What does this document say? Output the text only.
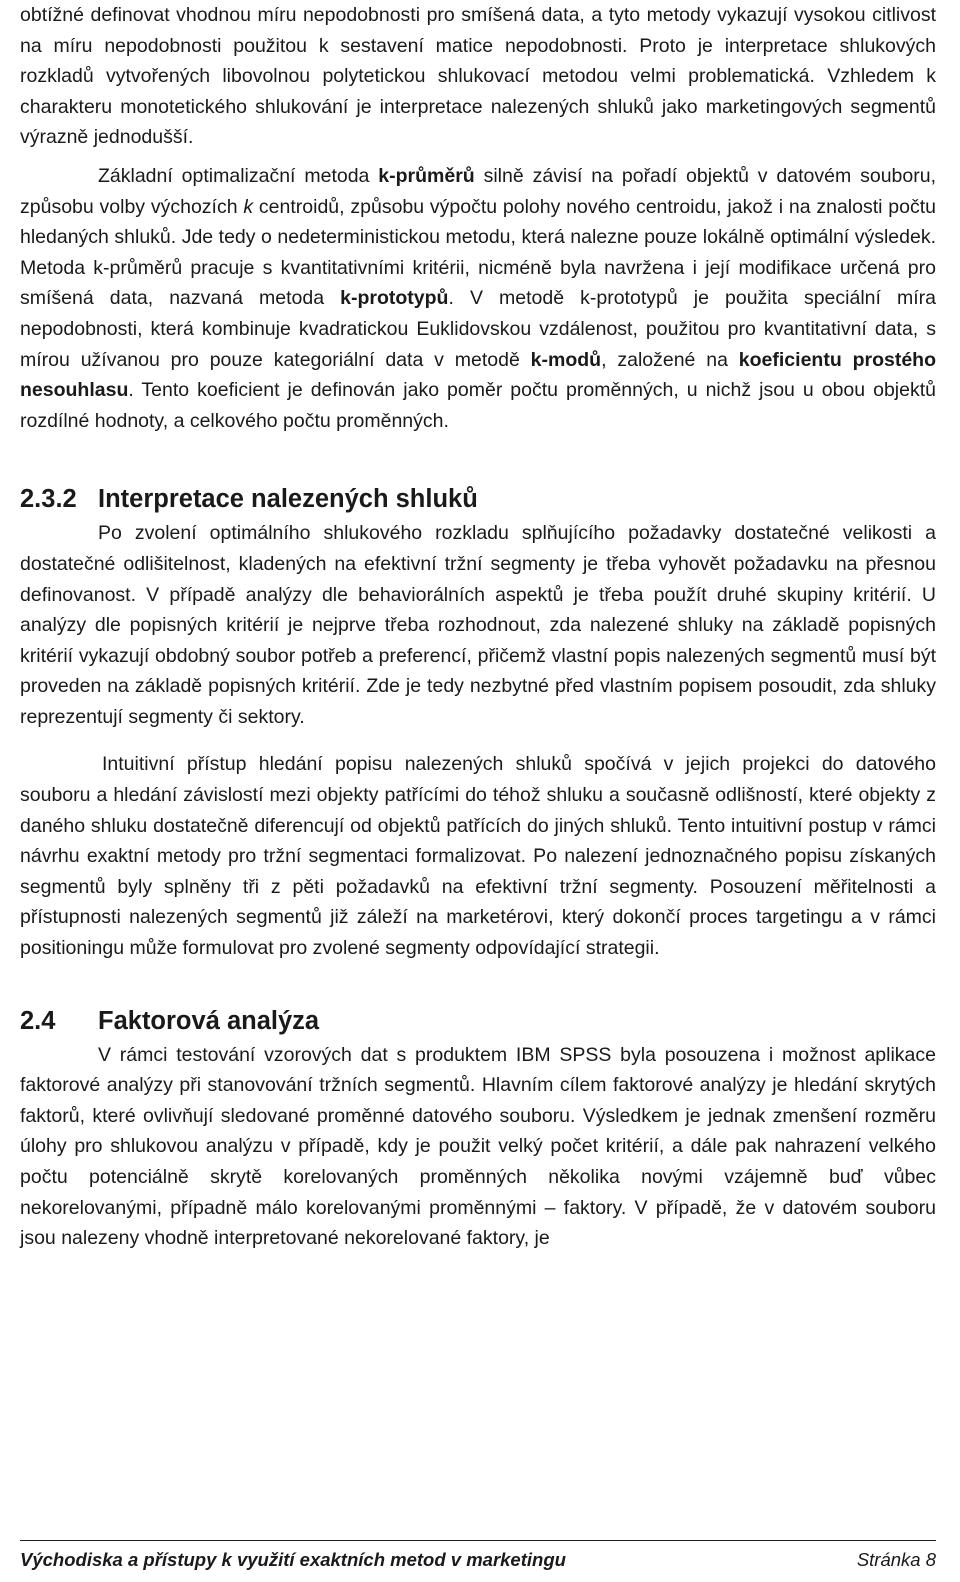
obtížné definovat vhodnou míru nepodobnosti pro smíšená data, a tyto metody vykazují vysokou citlivost na míru nepodobnosti použitou k sestavení matice nepodobnosti. Proto je interpretace shlukových rozkladů vytvořených libovolnou polytetickou shlukovací metodou velmi problematická. Vzhledem k charakteru monotetického shlukování je interpretace nalezených shluků jako marketingových segmentů výrazně jednodušší.

Základní optimalizační metoda k-průměrů silně závisí na pořadí objektů v datovém souboru, způsobu volby výchozích k centroidů, způsobu výpočtu polohy nového centroidu, jakož i na znalosti počtu hledaných shluků. Jde tedy o nedeterministickou metodu, která nalezne pouze lokálně optimální výsledek. Metoda k-průměrů pracuje s kvantitativními kritérii, nicméně byla navržena i její modifikace určená pro smíšená data, nazvaná metoda k-prototypů. V metodě k-prototypů je použita speciální míra nepodobnosti, která kombinuje kvadratickou Euklidovskou vzdálenost, použitou pro kvantitativní data, s mírou užívanou pro pouze kategoriální data v metodě k-modů, založené na koeficientu prostého nesouhlasu. Tento koeficient je definován jako poměr počtu proměnných, u nichž jsou u obou objektů rozdílné hodnoty, a celkového počtu proměnných.

2.3.2 Interpretace nalezených shluků

Po zvolení optimálního shlukového rozkladu splňujícího požadavky dostatečné velikosti a dostatečné odlišitelnost, kladených na efektivní tržní segmenty je třeba vyhovět požadavku na přesnou definovanost. V případě analýzy dle behaviorálních aspektů je třeba použít druhé skupiny kritérií. U analýzy dle popisných kritérií je nejprve třeba rozhodnout, zda nalezené shluky na základě popisných kritérií vykazují obdobný soubor potřeb a preferencí, přičemž vlastní popis nalezených segmentů musí být proveden na základě popisných kritérií. Zde je tedy nezbytné před vlastním popisem posoudit, zda shluky reprezentují segmenty či sektory.

Intuitivní přístup hledání popisu nalezených shluků spočívá v jejich projekci do datového souboru a hledání závislostí mezi objekty patřícími do téhož shluku a současně odlišností, které objekty z daného shluku dostatečně diferencují od objektů patřících do jiných shluků. Tento intuitivní postup v rámci návrhu exaktní metody pro tržní segmentaci formalizovat. Po nalezení jednoznačného popisu získaných segmentů byly splněny tři z pěti požadavků na efektivní tržní segmenty. Posouzení měřitelnosti a přístupnosti nalezených segmentů již záleží na marketérovi, který dokončí proces targetingu a v rámci positioningu může formulovat pro zvolené segmenty odpovídající strategii.

2.4 Faktorová analýza

V rámci testování vzorových dat s produktem IBM SPSS byla posouzena i možnost aplikace faktorové analýzy při stanovování tržních segmentů. Hlavním cílem faktorové analýzy je hledání skrytých faktorů, které ovlivňují sledované proměnné datového souboru. Výsledkem je jednak zmenšení rozměru úlohy pro shlukovou analýzu v případě, kdy je použit velký počet kritérií, a dále pak nahrazení velkého počtu potenciálně skrytě korelovaných proměnných několika novými vzájemně buď vůbec nekorelovanými, případně málo korelovanými proměnnými – faktory. V případě, že v datovém souboru jsou nalezeny vhodně interpretované nekorelované faktory, je

Východiska a přístupy k využití exaktních metod v marketingu	Stránka 8
